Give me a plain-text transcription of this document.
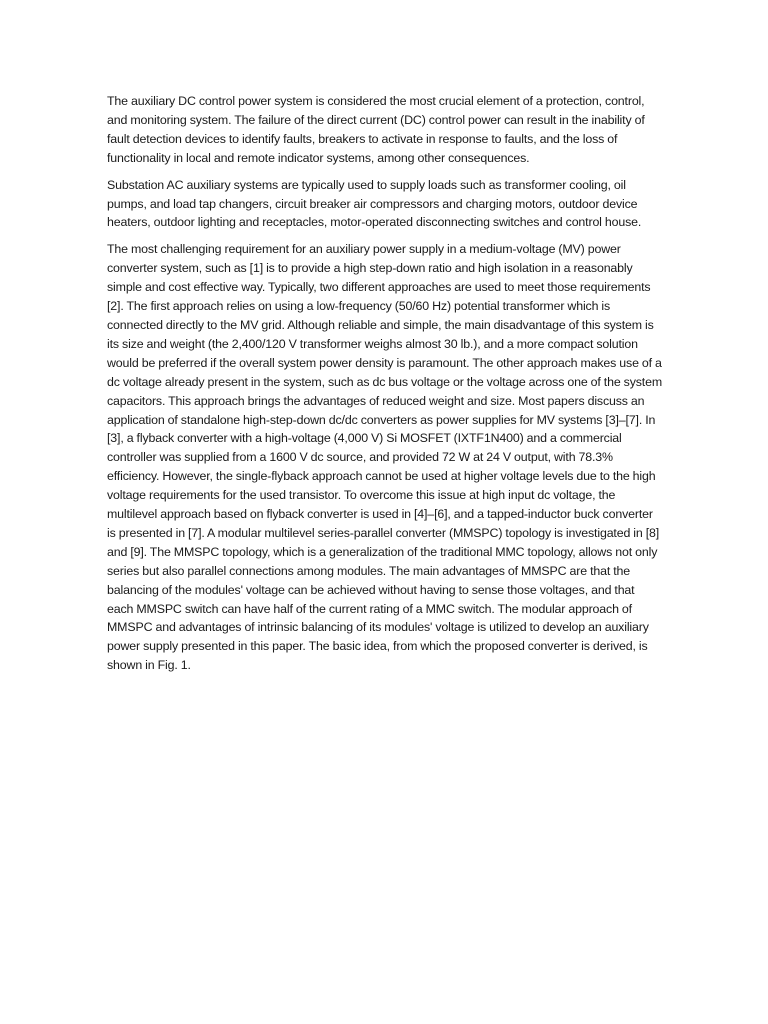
The auxiliary DC control power system is considered the most crucial element of a protection, control, and monitoring system. The failure of the direct current (DC) control power can result in the inability of fault detection devices to identify faults, breakers to activate in response to faults, and the loss of functionality in local and remote indicator systems, among other consequences.

Substation AC auxiliary systems are typically used to supply loads such as transformer cooling, oil pumps, and load tap changers, circuit breaker air compressors and charging motors, outdoor device heaters, outdoor lighting and receptacles, motor-operated disconnecting switches and control house.

The most challenging requirement for an auxiliary power supply in a medium-voltage (MV) power converter system, such as [1] is to provide a high step-down ratio and high isolation in a reasonably simple and cost effective way. Typically, two different approaches are used to meet those requirements [2]. The first approach relies on using a low-frequency (50/60 Hz) potential transformer which is connected directly to the MV grid. Although reliable and simple, the main disadvantage of this system is its size and weight (the 2,400/120 V transformer weighs almost 30 lb.), and a more compact solution would be preferred if the overall system power density is paramount. The other approach makes use of a dc voltage already present in the system, such as dc bus voltage or the voltage across one of the system capacitors. This approach brings the advantages of reduced weight and size. Most papers discuss an application of standalone high-step-down dc/dc converters as power supplies for MV systems [3]–[7]. In [3], a flyback converter with a high-voltage (4,000 V) Si MOSFET (IXTF1N400) and a commercial controller was supplied from a 1600 V dc source, and provided 72 W at 24 V output, with 78.3% efficiency. However, the single-flyback approach cannot be used at higher voltage levels due to the high voltage requirements for the used transistor. To overcome this issue at high input dc voltage, the multilevel approach based on flyback converter is used in [4]–[6], and a tapped-inductor buck converter is presented in [7]. A modular multilevel series-parallel converter (MMSPC) topology is investigated in [8] and [9]. The MMSPC topology, which is a generalization of the traditional MMC topology, allows not only series but also parallel connections among modules. The main advantages of MMSPC are that the balancing of the modules' voltage can be achieved without having to sense those voltages, and that each MMSPC switch can have half of the current rating of a MMC switch. The modular approach of MMSPC and advantages of intrinsic balancing of its modules' voltage is utilized to develop an auxiliary power supply presented in this paper. The basic idea, from which the proposed converter is derived, is shown in Fig. 1.
